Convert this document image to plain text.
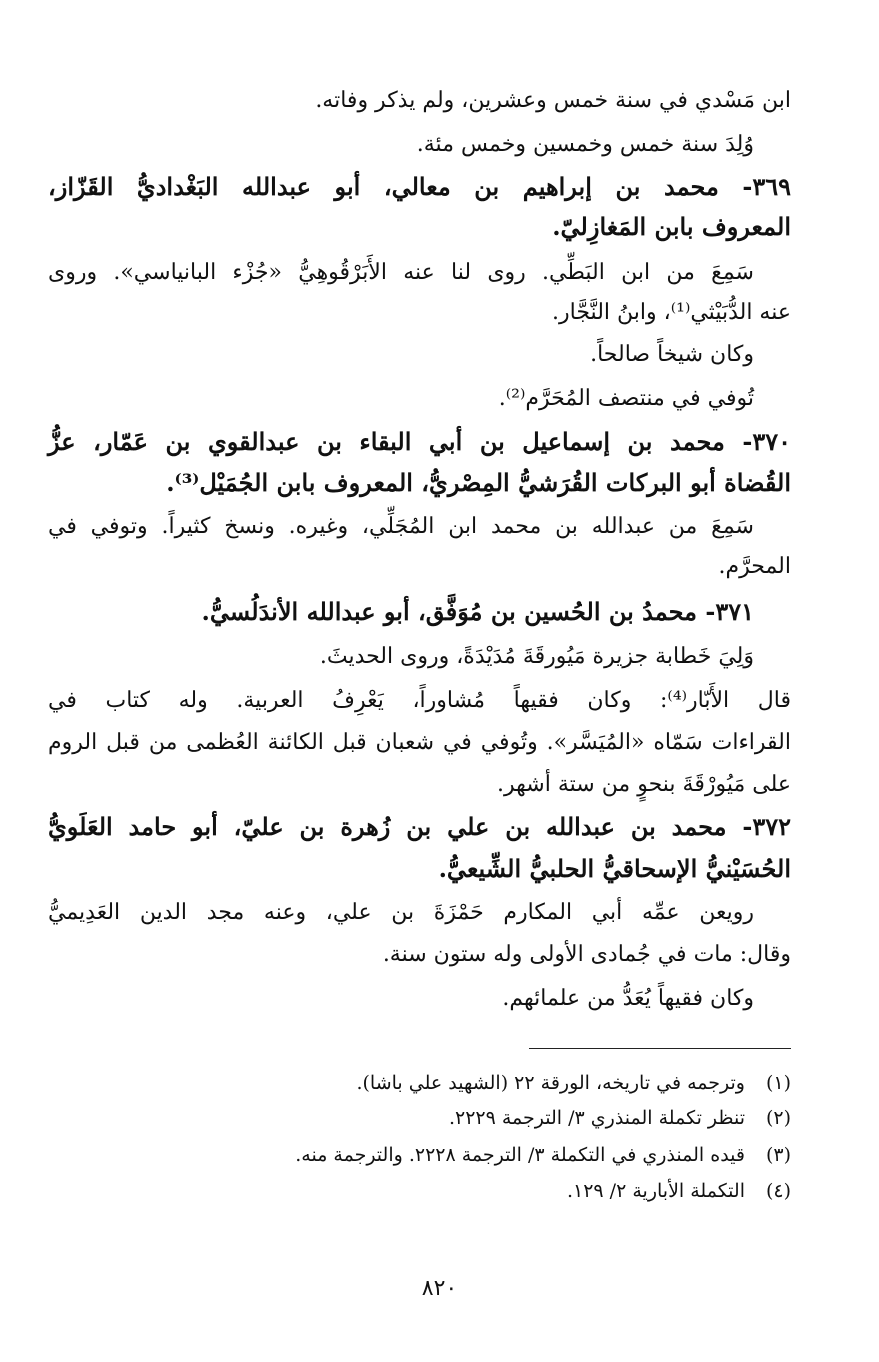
ابن مَسْدي في سنة خمس وعشرين، ولم يذكر وفاته.
وُلِدَ سنة خمس وخمسين وخمس مئة.
٣٦٩- محمد بن إبراهيم بن معالي، أبو عبدالله البَغْداديُّ القَزّاز،
المعروف بابن المَغازِليّ.
سَمِعَ من ابن البَطِّي. روى لنا عنه الأَبَرْقُوهِيُّ «جُزْء البانياسي». وروى
عنه الدُّبَيْثي⁽¹⁾، وابنُ النَّجَّار.
وكان شيخاً صالحاً.
تُوفي في منتصف المُحَرَّم⁽²⁾.
٣٧٠- محمد بن إسماعيل بن أبي البقاء بن عبدالقوي بن عَمّار، عزُّ
القُضاة أبو البركات القُرَشيُّ المِصْريُّ، المعروف بابن الجُمَيْل⁽³⁾.
سَمِعَ من عبدالله بن محمد ابن المُجَلِّي، وغيره. ونسخ كثيراً. وتوفي في
المحرَّم.
٣٧١- محمدُ بن الحُسين بن مُوَفَّق، أبو عبدالله الأندَلُسيُّ.
وَلِيَ خَطابة جزيرة مَيُورقَةَ مُدَيْدَةً، وروى الحديثَ.
قال الأَبّار⁽⁴⁾: وكان فقيهاً مُشاوراً، يَعْرِفُ العربية. وله كتاب في
القراءات سَمّاه «المُيَسَّر». وتُوفي في شعبان قبل الكائنة العُظمى من قبل الروم
على مَيُورْقَةَ بنحوٍ من ستة أشهر.
٣٧٢- محمد بن عبدالله بن علي بن زُهرة بن عليّ، أبو حامد العَلَويُّ
الحُسَيْنيُّ الإسحاقيُّ الحلبيُّ الشِّيعيُّ.
رویعن عمِّه أبي المكارم حَمْزَةَ بن علي، وعنه مجد الدين العَدِيميُّ
وقال: مات في جُمادى الأولى وله ستون سنة.
وكان فقيهاً يُعَدُّ من علمائهم.
(١)وترجمه في تاريخه، الورقة ٢٢ (الشهيد علي باشا).
(٢)تنظر تكملة المنذري ٣/ الترجمة ٢٢٢٩.
(٣)قيده المنذري في التكملة ٣/ الترجمة ٢٢٢٨. والترجمة منه.
(٤)التكملة الأبارية ٢/ ١٢٩.
٨٢٠
